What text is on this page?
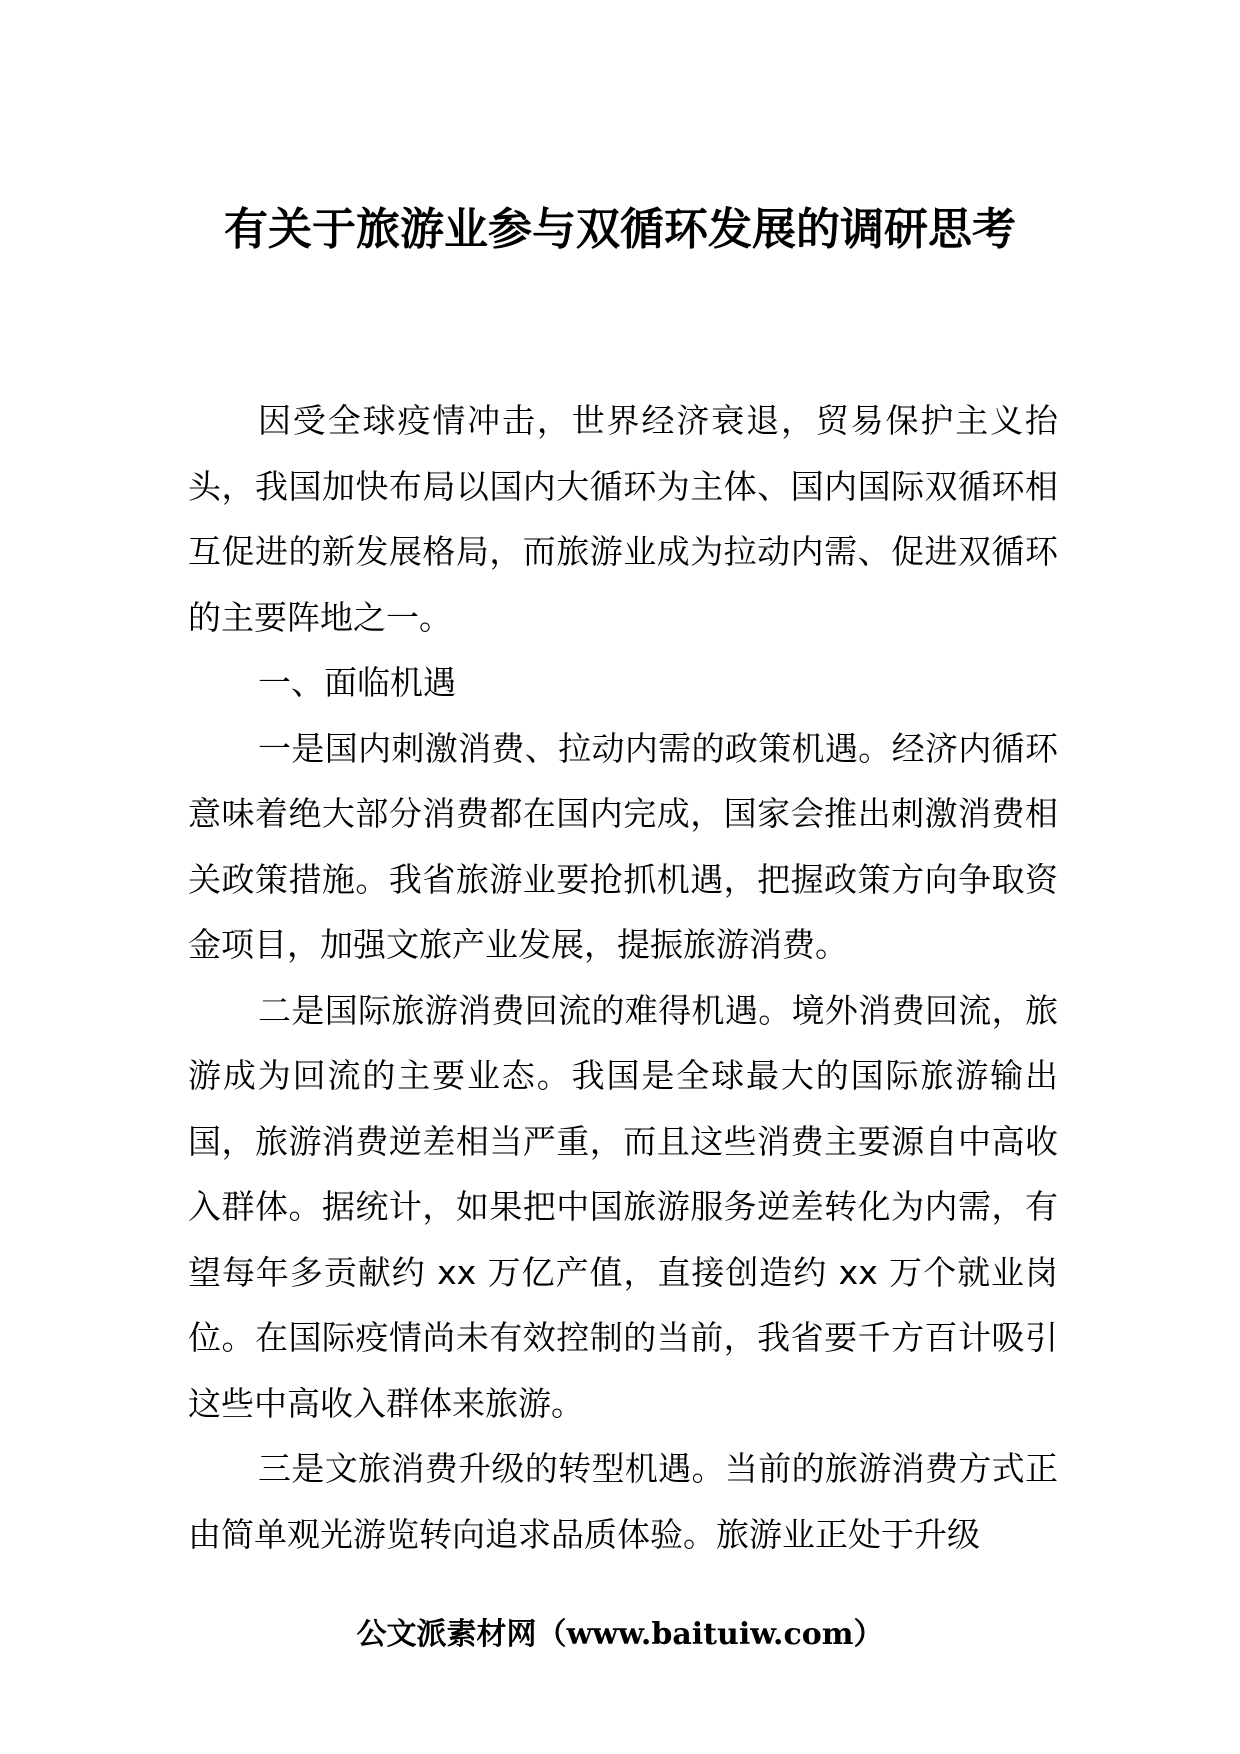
有关于旅游业参与双循环发展的调研思考

因受全球疫情冲击，世界经济衰退，贸易保护主义抬头，我国加快布局以国内大循环为主体、国内国际双循环相互促进的新发展格局，而旅游业成为拉动内需、促进双循环的主要阵地之一。

一、面临机遇

一是国内刺激消费、拉动内需的政策机遇。经济内循环意味着绝大部分消费都在国内完成，国家会推出刺激消费相关政策措施。我省旅游业要抢抓机遇，把握政策方向争取资金项目，加强文旅产业发展，提振旅游消费。

二是国际旅游消费回流的难得机遇。境外消费回流，旅游成为回流的主要业态。我国是全球最大的国际旅游输出国，旅游消费逆差相当严重，而且这些消费主要源自中高收入群体。据统计，如果把中国旅游服务逆差转化为内需，有望每年多贡献约 xx 万亿产值，直接创造约 xx 万个就业岗位。在国际疫情尚未有效控制的当前，我省要千方百计吸引这些中高收入群体来旅游。

三是文旅消费升级的转型机遇。当前的旅游消费方式正由简单观光游览转向追求品质体验。旅游业正处于升级

公文派素材网（www.baituiw.com）
